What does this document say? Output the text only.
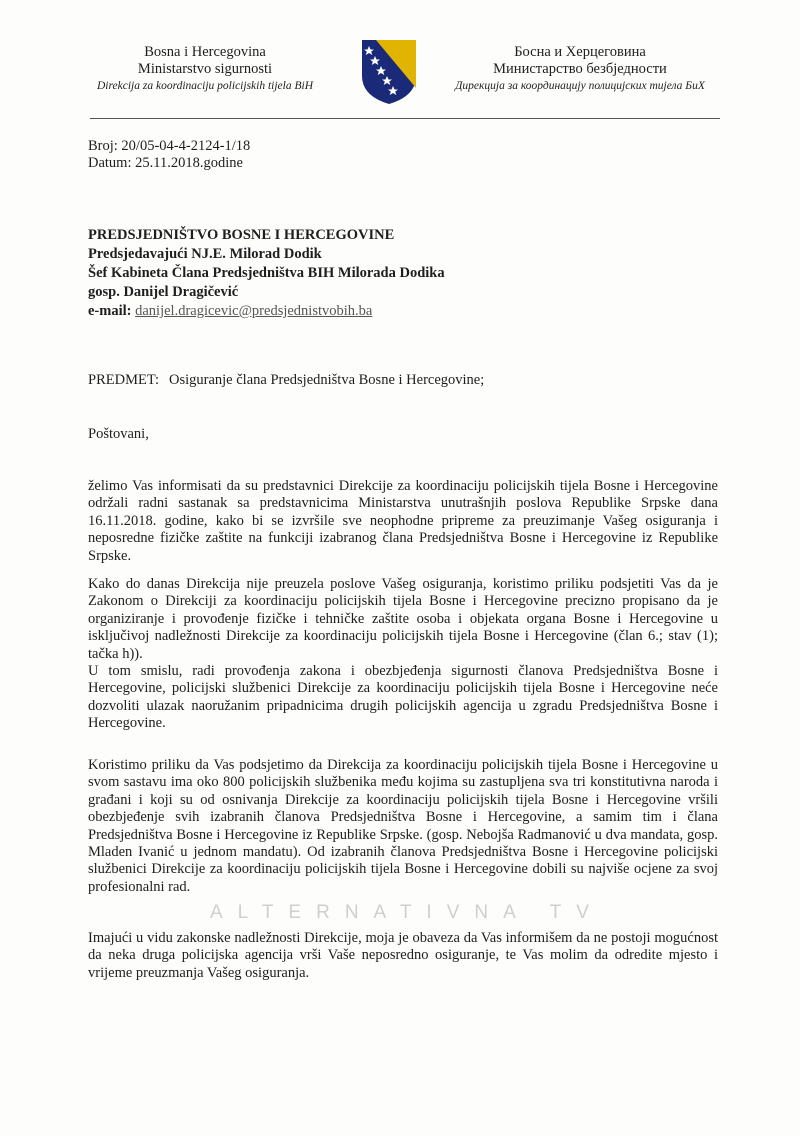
Bosna i Hercegovina
Ministarstvo sigurnosti
Direkcija za koordinaciju policijskih tijela BiH
Босна и Херцеговина
Министарство безбједности
Дирекција за координацију полицијских тијела БиХ
Broj: 20/05-04-4-2124-1/18
Datum: 25.11.2018.godine
PREDSJEDNIŠTVO BOSNE I HERCEGOVINE
Predsjedavajući NJ.E. Milorad Dodik
Šef Kabineta Člana Predsjedništva BIH Milorada Dodika
gosp. Danijel Dragičević
e-mail: danijel.dragicevic@predsjednistvobih.ba
PREDMET: Osiguranje člana Predsjedništva Bosne i Hercegovine;
Poštovani,
želimo Vas informisati da su predstavnici Direkcije za koordinaciju policijskih tijela Bosne i Hercegovine održali radni sastanak sa predstavnicima Ministarstva unutrašnjih poslova Republike Srpske dana 16.11.2018. godine, kako bi se izvršile sve neophodne pripreme za preuzimanje Vašeg osiguranja i neposredne fizičke zaštite na funkciji izabranog člana Predsjedništva Bosne i Hercegovine iz Republike Srpske.
Kako do danas Direkcija nije preuzela poslove Vašeg osiguranja, koristimo priliku podsjetiti Vas da je Zakonom o Direkciji za koordinaciju policijskih tijela Bosne i Hercegovine precizno propisano da je organiziranje i provođenje fizičke i tehničke zaštite osoba i objekata organa Bosne i Hercegovine u isključivoj nadležnosti Direkcije za koordinaciju policijskih tijela Bosne i Hercegovine (član 6.; stav (1); tačka h)).
U tom smislu, radi provođenja zakona i obezbjeđenja sigurnosti članova Predsjedništva Bosne i Hercegovine, policijski službenici Direkcije za koordinaciju policijskih tijela Bosne i Hercegovine neće dozvoliti ulazak naoružanim pripadnicima drugih policijskih agencija u zgradu Predsjedništva Bosne i Hercegovine.
Koristimo priliku da Vas podsjetimo da Direkcija za koordinaciju policijskih tijela Bosne i Hercegovine u svom sastavu ima oko 800 policijskih službenika među kojima su zastupljena sva tri konstitutivna naroda i građani i koji su od osnivanja Direkcije za koordinaciju policijskih tijela Bosne i Hercegovine vršili obezbjeđenje svih izabranih članova Predsjedništva Bosne i Hercegovine, a samim tim i člana Predsjedništva Bosne i Hercegovine iz Republike Srpske. (gosp. Nebojša Radmanović u dva mandata, gosp. Mladen Ivanić u jednom mandatu). Od izabranih članova Predsjedništva Bosne i Hercegovine policijski službenici Direkcije za koordinaciju policijskih tijela Bosne i Hercegovine dobili su najviše ocjene za svoj profesionalni rad.
ALTERNATIVNA TV
Imajući u vidu zakonske nadležnosti Direkcije, moja je obaveza da Vas informišem da ne postoji mogućnost da neka druga policijska agencija vrši Vaše neposredno osiguranje, te Vas molim da odredite mjesto i vrijeme preuzmanja Vašeg osiguranja.
